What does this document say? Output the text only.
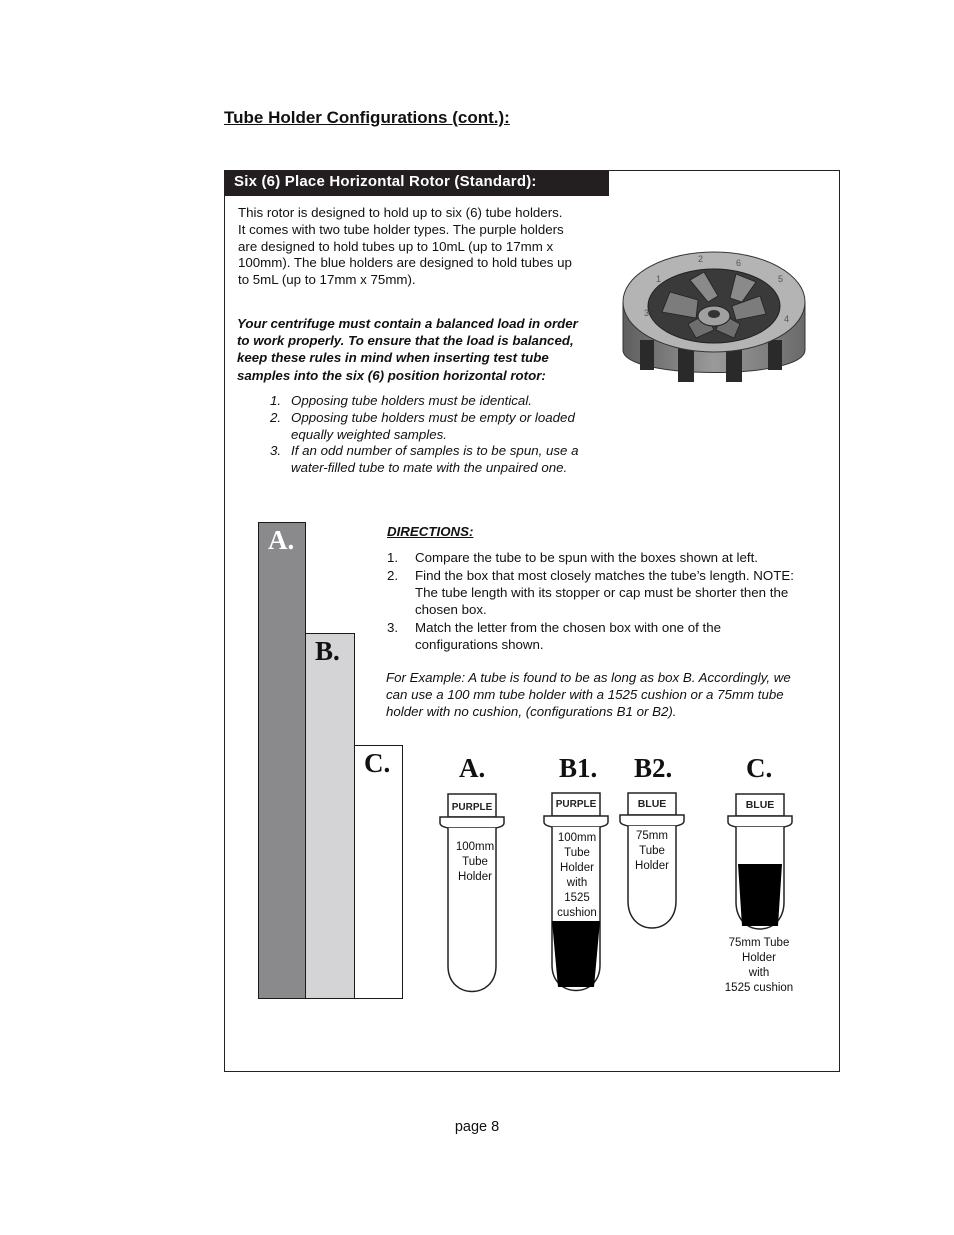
Tube Holder Configurations (cont.):
Six (6) Place Horizontal Rotor (Standard):
This rotor is designed to hold up to six (6) tube holders.
It comes with two tube holder types. The purple holders
are designed to hold tubes up to 10mL (up to 17mm x
100mm). The blue holders are designed to hold tubes up
to 5mL (up to 17mm x 75mm).
6
5
1
3
4
2
Your centrifuge must contain a balanced load in order
to work properly. To ensure that the load is balanced,
keep these rules in mind when inserting test tube
samples into the six (6) position horizontal rotor:
1. Opposing tube holders must be identical.
2. Opposing tube holders must be empty or loaded
equally weighted samples.
3. If an odd number of samples is to be spun, use a
water-filled tube to mate with the unpaired one.
A.
B.
C.
DIRECTIONS:
1.	Compare the tube to be spun with the boxes shown at left.
2.	Find the box that most closely matches the tube’s length. NOTE:
The tube length with its stopper or cap must be shorter then the
chosen box.
3.	Match the letter from the chosen box with one of the
configurations shown.
For Example: A tube is found to be as long as box B. Accordingly, we
can use a 100 mm tube holder with a 1525 cushion or a 75mm tube
holder with no cushion, (configurations B1 or B2).
A.	B1. B2.	C.
PURPLE
100mm
Tube
Holder
PURPLE
100mm
Tube
Holder
with
1525
cushion
BLUE
75mm
Tube
Holder
BLUE
75mm Tube
Holder
with
1525 cushion
page 8
